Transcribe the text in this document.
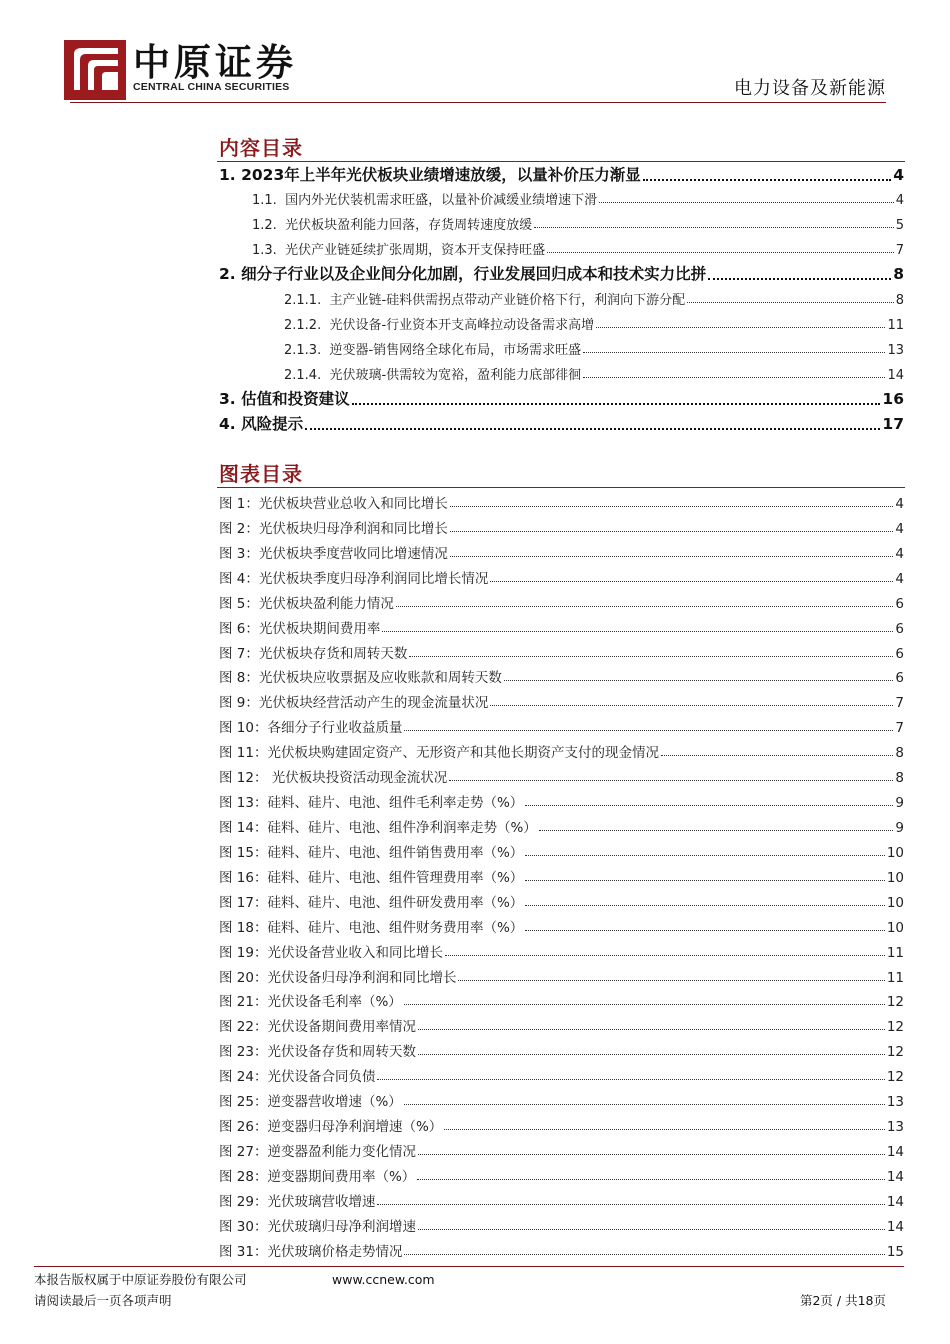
中原证券
CENTRAL CHINA SECURITIES	电力设备及新能源
内容目录
1. 2023年上半年光伏板块业绩增速放缓，以量补价压力渐显	4
1.1. 国内外光伏装机需求旺盛，以量补价减缓业绩增速下滑	4
1.2. 光伏板块盈利能力回落，存货周转速度放缓	5
1.3. 光伏产业链延续扩张周期，资本开支保持旺盛	7
2. 细分子行业以及企业间分化加剧，行业发展回归成本和技术实力比拼	8
2.1.1. 主产业链-硅料供需拐点带动产业链价格下行，利润向下游分配	8
2.1.2. 光伏设备-行业资本开支高峰拉动设备需求高增	11
2.1.3. 逆变器-销售网络全球化布局，市场需求旺盛	13
2.1.4. 光伏玻璃-供需较为宽裕，盈利能力底部徘徊	14
3. 估值和投资建议	16
4. 风险提示	17
图表目录
图 1：光伏板块营业总收入和同比增长	4
图 2：光伏板块归母净利润和同比增长	4
图 3：光伏板块季度营收同比增速情况	4
图 4：光伏板块季度归母净利润同比增长情况	4
图 5：光伏板块盈利能力情况	6
图 6：光伏板块期间费用率	6
图 7：光伏板块存货和周转天数	6
图 8：光伏板块应收票据及应收账款和周转天数	6
图 9：光伏板块经营活动产生的现金流量状况	7
图 10：各细分子行业收益质量	7
图 11：光伏板块购建固定资产、无形资产和其他长期资产支付的现金情况	8
图 12： 光伏板块投资活动现金流状况	8
图 13：硅料、硅片、电池、组件毛利率走势（%）	9
图 14：硅料、硅片、电池、组件净利润率走势（%）	9
图 15：硅料、硅片、电池、组件销售费用率（%）	10
图 16：硅料、硅片、电池、组件管理费用率（%）	10
图 17：硅料、硅片、电池、组件研发费用率（%）	10
图 18：硅料、硅片、电池、组件财务费用率（%）	10
图 19：光伏设备营业收入和同比增长	11
图 20：光伏设备归母净利润和同比增长	11
图 21：光伏设备毛利率（%）	12
图 22：光伏设备期间费用率情况	12
图 23：光伏设备存货和周转天数	12
图 24：光伏设备合同负债	12
图 25：逆变器营收增速（%）	13
图 26：逆变器归母净利润增速（%）	13
图 27：逆变器盈利能力变化情况	14
图 28：逆变器期间费用率（%）	14
图 29：光伏玻璃营收增速	14
图 30：光伏玻璃归母净利润增速	14
图 31：光伏玻璃价格走势情况	15
本报告版权属于中原证券股份有限公司	www.ccnew.com
请阅读最后一页各项声明	第2页 / 共18页
